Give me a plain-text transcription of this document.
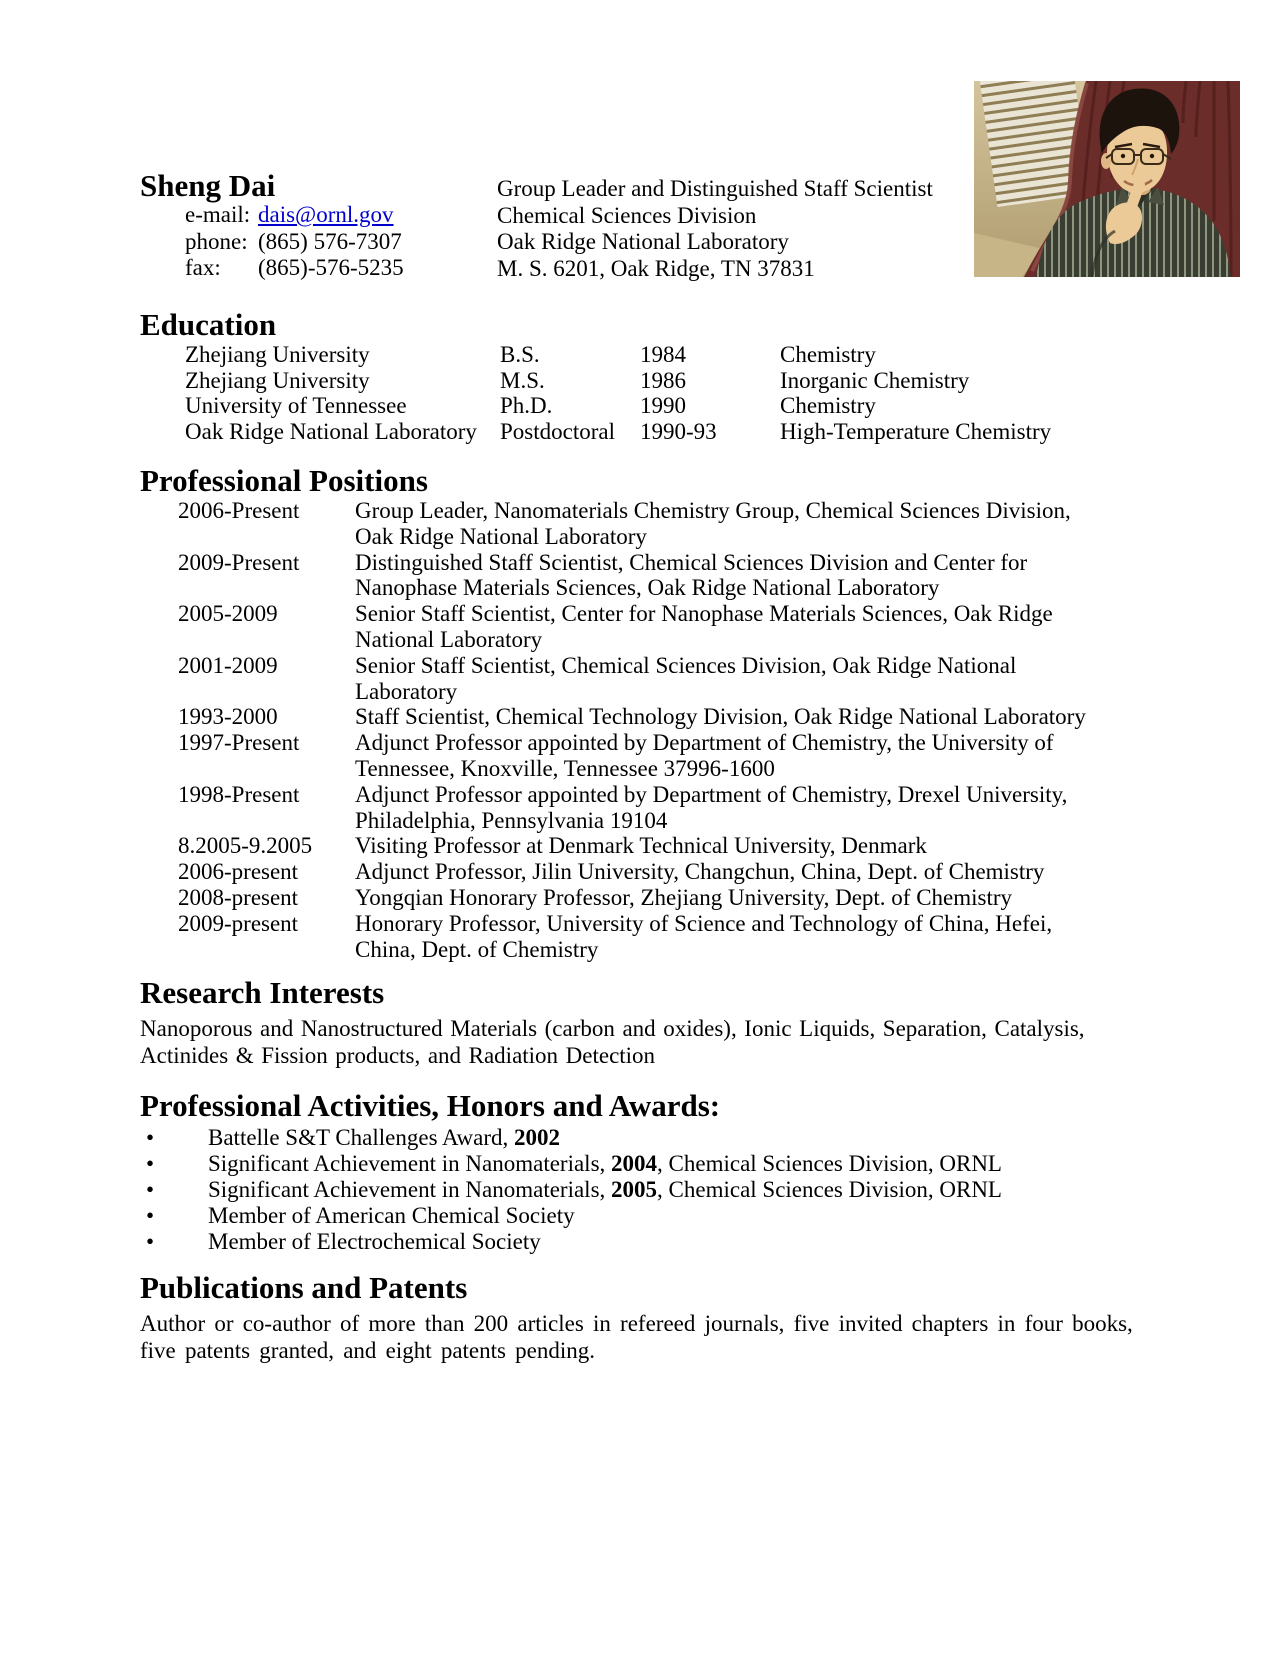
Sheng Dai
e-mail: dais@ornl.gov
phone: (865) 576-7307
fax: (865)-576-5235
Group Leader and Distinguished Staff Scientist
Chemical Sciences Division
Oak Ridge National Laboratory
M. S. 6201, Oak Ridge, TN 37831
Education
Zhejiang University	B.S.	1984	Chemistry
Zhejiang University	M.S.	1986	Inorganic Chemistry
University of Tennessee	Ph.D.	1990	Chemistry
Oak Ridge National Laboratory	Postdoctoral	1990-93	High-Temperature Chemistry
Professional Positions
2006-Present	Group Leader, Nanomaterials Chemistry Group, Chemical Sciences Division,
Oak Ridge National Laboratory
2009-Present	Distinguished Staff Scientist, Chemical Sciences Division and Center for
Nanophase Materials Sciences, Oak Ridge National Laboratory
2005-2009	Senior Staff Scientist, Center for Nanophase Materials Sciences, Oak Ridge
National Laboratory
2001-2009	Senior Staff Scientist, Chemical Sciences Division, Oak Ridge National
Laboratory
1993-2000	Staff Scientist, Chemical Technology Division, Oak Ridge National Laboratory
1997-Present	Adjunct Professor appointed by Department of Chemistry, the University of
Tennessee, Knoxville, Tennessee 37996-1600
1998-Present	Adjunct Professor appointed by Department of Chemistry, Drexel University,
Philadelphia, Pennsylvania 19104
8.2005-9.2005	Visiting Professor at Denmark Technical University, Denmark
2006-present	Adjunct Professor, Jilin University, Changchun, China, Dept. of Chemistry
2008-present	Yongqian Honorary Professor, Zhejiang University, Dept. of Chemistry
2009-present	Honorary Professor, University of Science and Technology of China, Hefei,
China, Dept. of Chemistry
Research Interests

Nanoporous and Nanostructured Materials (carbon and oxides), Ionic Liquids, Separation, Catalysis,
Actinides & Fission products, and Radiation Detection

Professional Activities, Honors and Awards:
•	Battelle S&T Challenges Award, 2002
•	Significant Achievement in Nanomaterials, 2004, Chemical Sciences Division, ORNL
•	Significant Achievement in Nanomaterials, 2005, Chemical Sciences Division, ORNL
•	Member of American Chemical Society
•	Member of Electrochemical Society
Publications and Patents

Author or co-author of more than 200 articles in refereed journals, five invited chapters in four books,
five patents granted, and eight patents pending.
